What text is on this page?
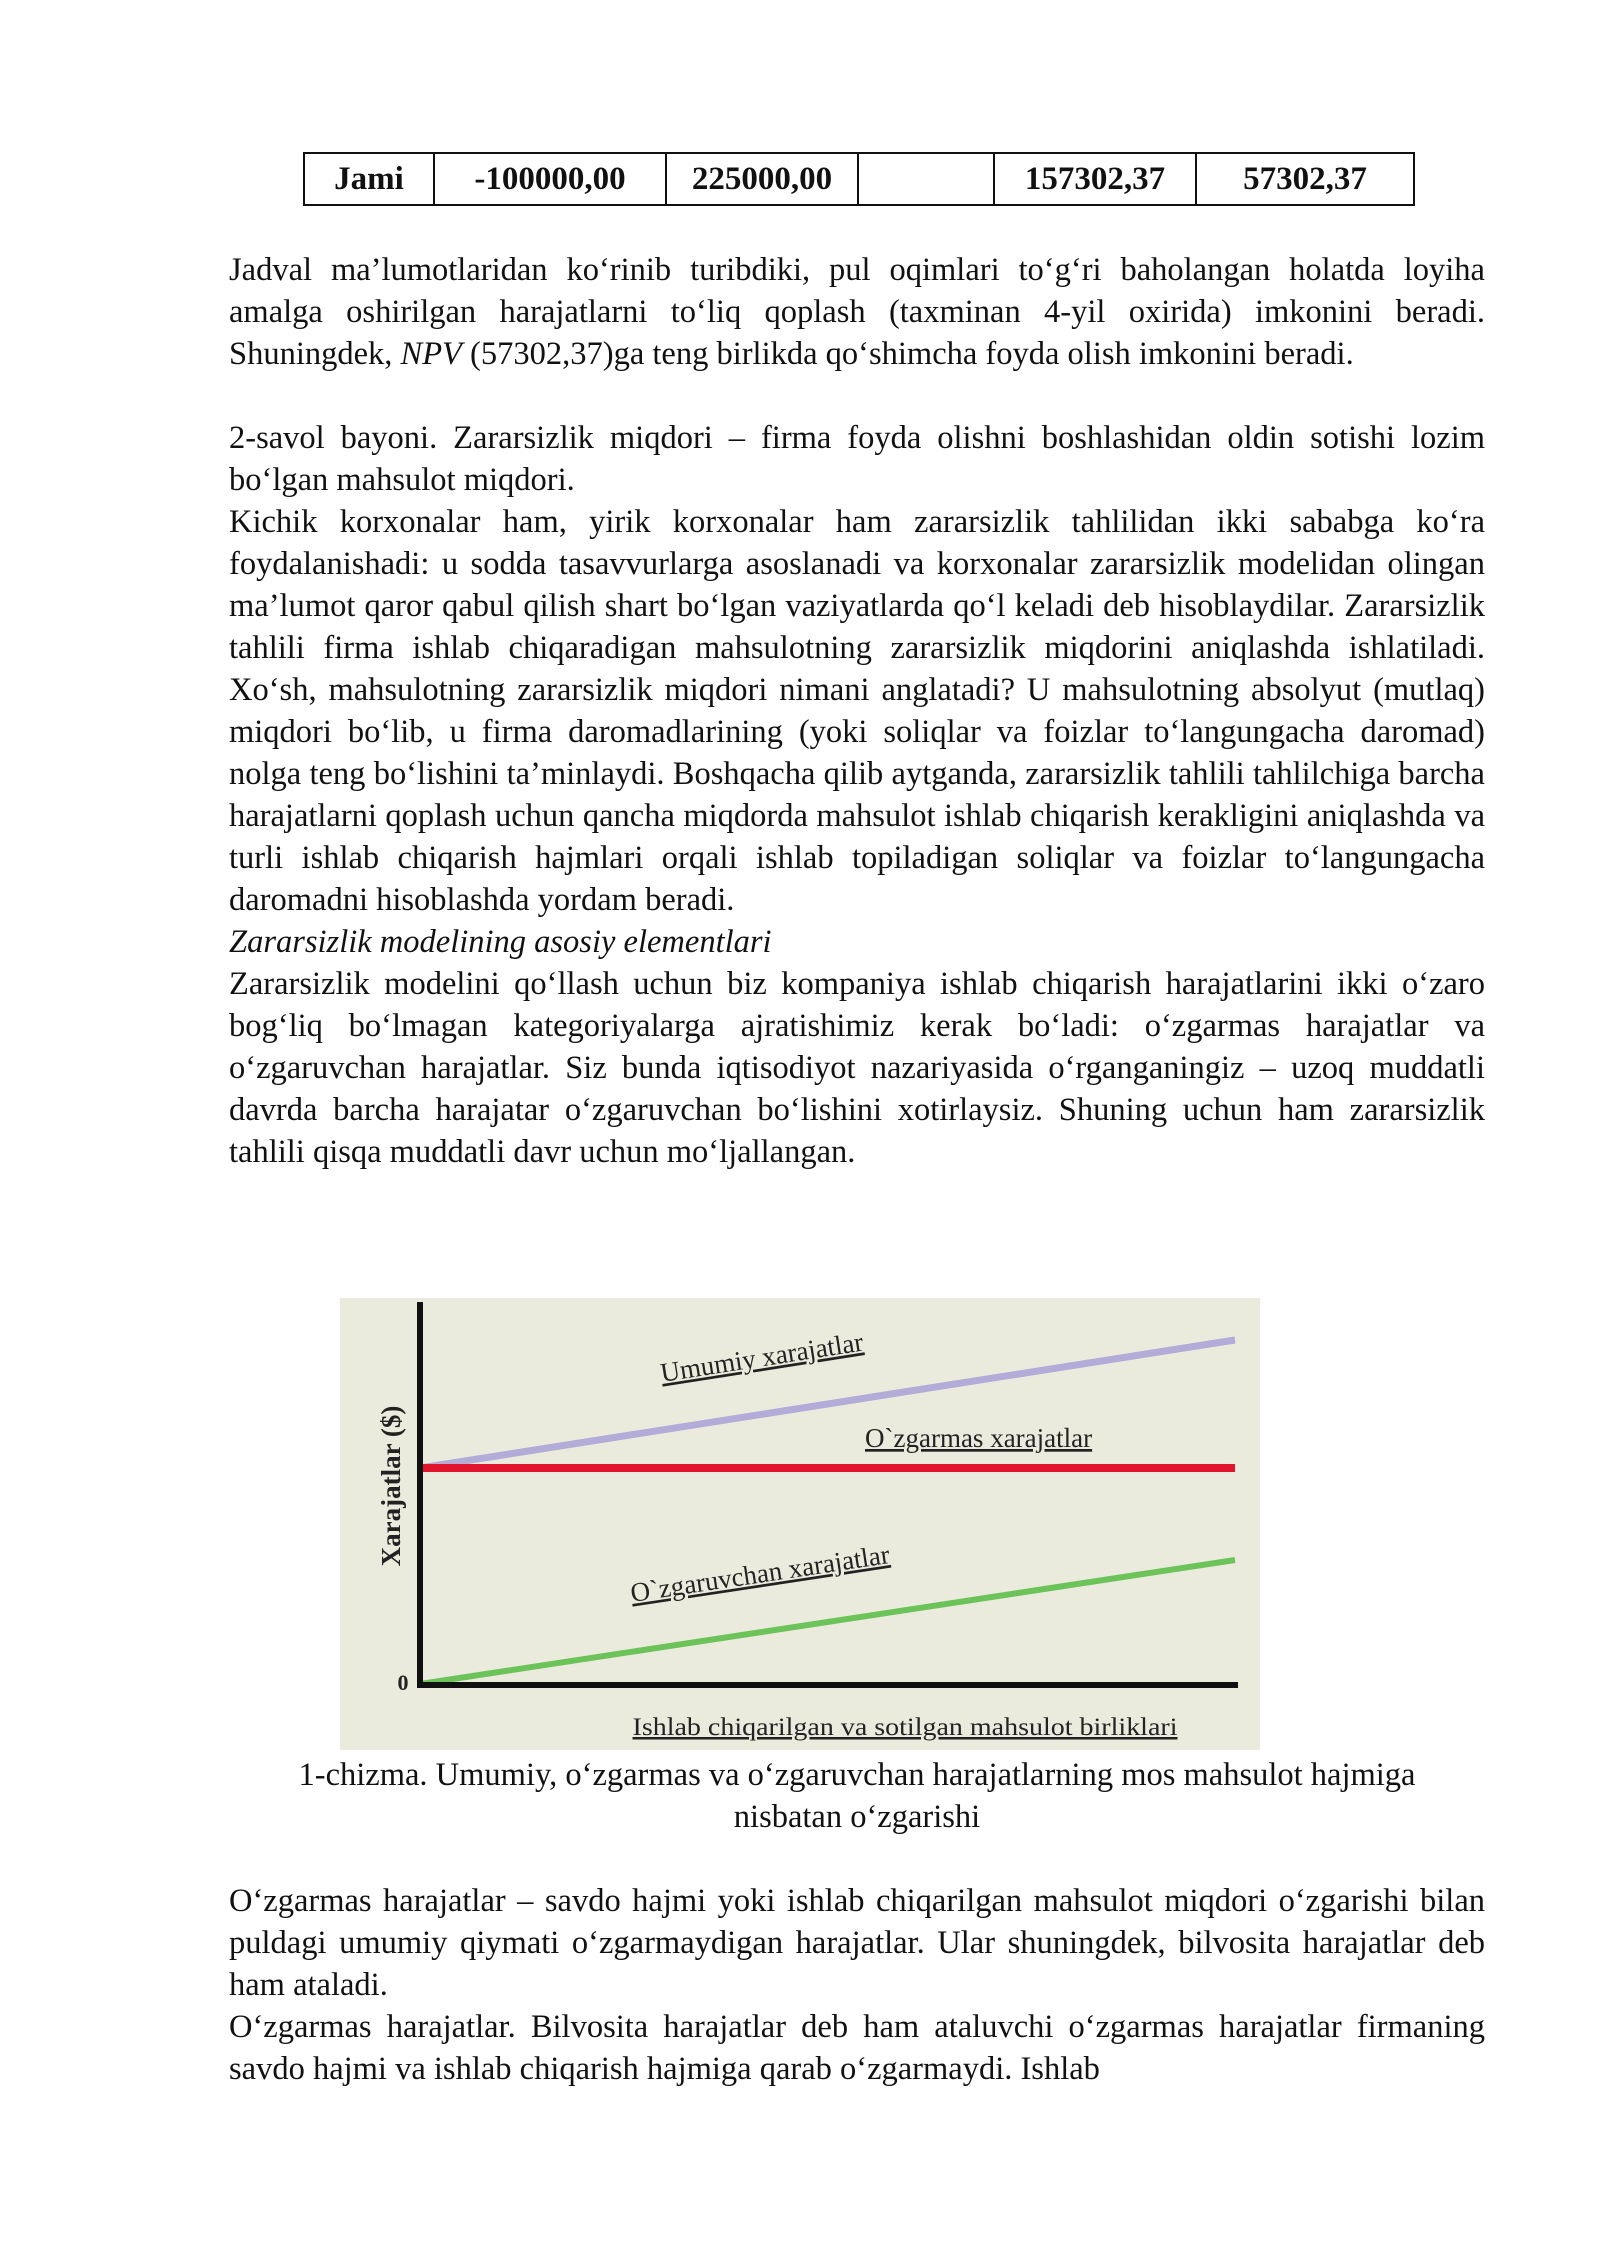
Jami	-100000,00	225000,00		157302,37	57302,37

Jadval ma’lumotlaridan ko‘rinib turibdiki, pul oqimlari to‘g‘ri baholangan holatda loyiha amalga oshirilgan harajatlarni to‘liq qoplash (taxminan 4-yil oxirida) imkonini beradi. Shuningdek, NPV (57302,37)ga teng birlikda qo‘shimcha foyda olish imkonini beradi.

2-savol bayoni. Zararsizlik miqdori – firma foyda olishni boshlashidan oldin sotishi lozim bo‘lgan mahsulot miqdori.

Kichik korxonalar ham, yirik korxonalar ham zararsizlik tahlilidan ikki sababga ko‘ra foydalanishadi: u sodda tasavvurlarga asoslanadi va korxonalar zararsizlik modelidan olingan ma’lumot qaror qabul qilish shart bo‘lgan vaziyatlarda qo‘l keladi deb hisoblaydilar. Zararsizlik tahlili firma ishlab chiqaradigan mahsulotning zararsizlik miqdorini aniqlashda ishlatiladi. Xo‘sh, mahsulotning zararsizlik miqdori nimani anglatadi? U mahsulotning absolyut (mutlaq) miqdori bo‘lib, u firma daromadlarining (yoki soliqlar va foizlar to‘langungacha daromad) nolga teng bo‘lishini ta’minlaydi. Boshqacha qilib aytganda, zararsizlik tahlili tahlilchiga barcha harajatlarni qoplash uchun qancha miqdorda mahsulot ishlab chiqarish kerakligini aniqlashda va turli ishlab chiqarish hajmlari orqali ishlab topiladigan soliqlar va foizlar to‘langungacha daromadni hisoblashda yordam beradi.

Zararsizlik modelining asosiy elementlari

Zararsizlik modelini qo‘llash uchun biz kompaniya ishlab chiqarish harajatlarini ikki o‘zaro bog‘liq bo‘lmagan kategoriyalarga ajratishimiz kerak bo‘ladi: o‘zgarmas harajatlar va o‘zgaruvchan harajatlar. Siz bunda iqtisodiyot nazariyasida o‘rganganingiz – uzoq muddatli davrda barcha harajatar o‘zgaruvchan bo‘lishini xotirlaysiz. Shuning uchun ham zararsizlik tahlili qisqa muddatli davr uchun mo‘ljallangan.

0
Xarajatlar ($)
Ishlab chiqarilgan va sotilgan mahsulot birliklari
Umumiy xarajatlar
O`zgarmas xarajatlar
O`zgaruvchan xarajatlar
1-chizma. Umumiy, o‘zgarmas va o‘zgaruvchan harajatlarning mos mahsulot hajmiga
nisbatan o‘zgarishi

O‘zgarmas harajatlar – savdo hajmi yoki ishlab chiqarilgan mahsulot miqdori o‘zgarishi bilan puldagi umumiy qiymati o‘zgarmaydigan harajatlar. Ular shuningdek, bilvosita harajatlar deb ham ataladi.

O‘zgarmas harajatlar. Bilvosita harajatlar deb ham ataluvchi o‘zgarmas harajatlar firmaning savdo hajmi va ishlab chiqarish hajmiga qarab o‘zgarmaydi. Ishlab
